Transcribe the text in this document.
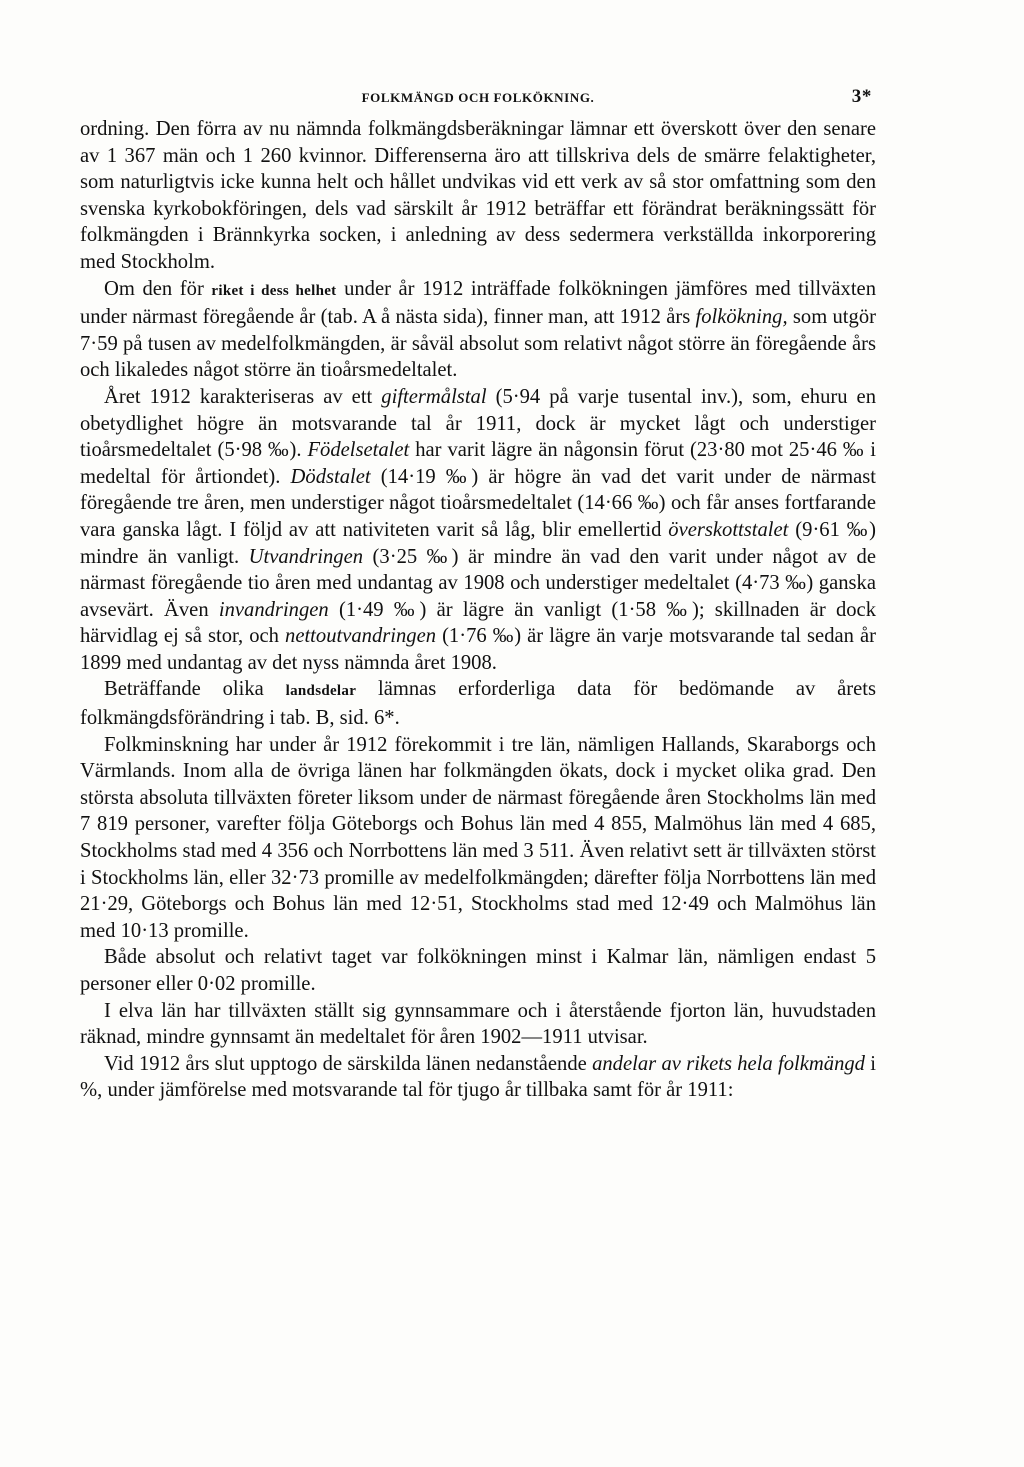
FOLKMÄNGD OCH FOLKÖKNING.	3*

ordning. Den förra av nu nämnda folkmängdsberäkningar lämnar ett överskott över den senare av 1 367 män och 1 260 kvinnor. Differenserna äro att tillskriva dels de smärre felaktigheter, som naturligtvis icke kunna helt och hållet undvikas vid ett verk av så stor omfattning som den svenska kyrkobokföringen, dels vad särskilt år 1912 beträffar ett förändrat beräkningssätt för folkmängden i Brännkyrka socken, i anledning av dess sedermera verkställda inkorporering med Stockholm.

Om den för riket i dess helhet under år 1912 inträffade folkökningen jämföres med tillväxten under närmast föregående år (tab. A å nästa sida), finner man, att 1912 års folkökning, som utgör 7·59 på tusen av medelfolkmängden, är såväl absolut som relativt något större än föregående års och likaledes något större än tioårsmedeltalet.

Året 1912 karakteriseras av ett giftermålstal (5·94 på varje tusental inv.), som, ehuru en obetydlighet högre än motsvarande tal år 1911, dock är mycket lågt och understiger tioårsmedeltalet (5·98 ‰). Födelsetalet har varit lägre än någonsin förut (23·80 mot 25·46 ‰ i medeltal för årtiondet). Dödstalet (14·19 ‰) är högre än vad det varit under de närmast föregående tre åren, men understiger något tioårsmedeltalet (14·66 ‰) och får anses fortfarande vara ganska lågt. I följd av att nativiteten varit så låg, blir emellertid överskottstalet (9·61 ‰) mindre än vanligt. Utvandringen (3·25 ‰) är mindre än vad den varit under något av de närmast föregående tio åren med undantag av 1908 och understiger medeltalet (4·73 ‰) ganska avsevärt. Även invandringen (1·49 ‰) är lägre än vanligt (1·58 ‰); skillnaden är dock härvidlag ej så stor, och nettoutvandringen (1·76 ‰) är lägre än varje motsvarande tal sedan år 1899 med undantag av det nyss nämnda året 1908.

Beträffande olika landsdelar lämnas erforderliga data för bedömande av årets folkmängdsförändring i tab. B, sid. 6*.

Folkminskning har under år 1912 förekommit i tre län, nämligen Hallands, Skaraborgs och Värmlands. Inom alla de övriga länen har folkmängden ökats, dock i mycket olika grad. Den största absoluta tillväxten företer liksom under de närmast föregående åren Stockholms län med 7 819 personer, varefter följa Göteborgs och Bohus län med 4 855, Malmöhus län med 4 685, Stockholms stad med 4 356 och Norrbottens län med 3 511. Även relativt sett är tillväxten störst i Stockholms län, eller 32·73 promille av medelfolkmängden; därefter följa Norrbottens län med 21·29, Göteborgs och Bohus län med 12·51, Stockholms stad med 12·49 och Malmöhus län med 10·13 promille.

Både absolut och relativt taget var folkökningen minst i Kalmar län, nämligen endast 5 personer eller 0·02 promille.

I elva län har tillväxten ställt sig gynnsammare och i återstående fjorton län, huvudstaden räknad, mindre gynnsamt än medeltalet för åren 1902—1911 utvisar.

Vid 1912 års slut upptogo de särskilda länen nedanstående andelar av rikets hela folkmängd i %, under jämförelse med motsvarande tal för tjugo år tillbaka samt för år 1911:
